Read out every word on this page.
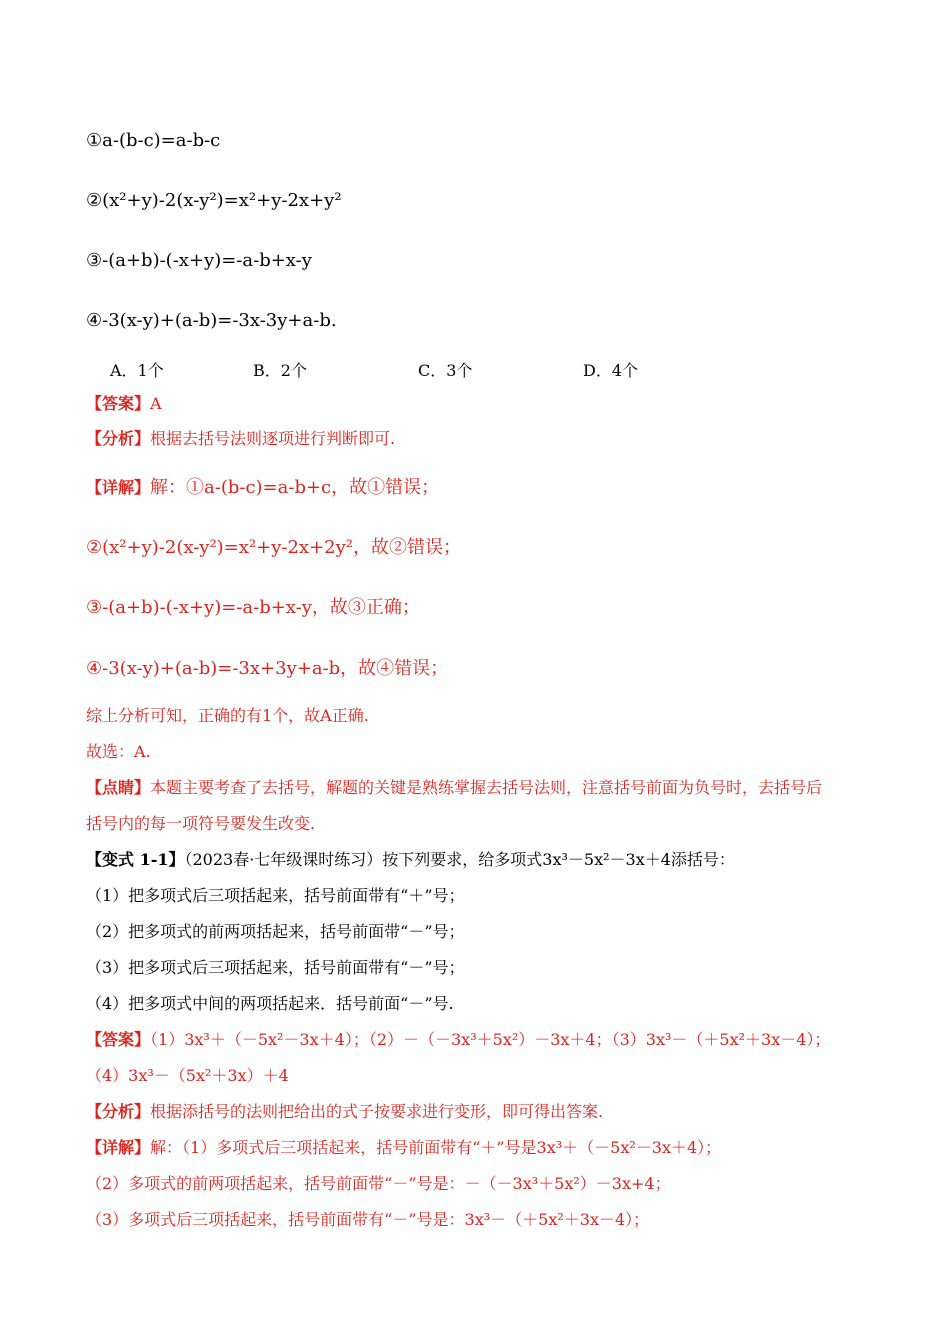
①a-(b-c)=a-b-c
②(x²+y)-2(x-y²)=x²+y-2x+y²
③-(a+b)-(-x+y)=-a-b+x-y
④-3(x-y)+(a-b)=-3x-3y+a-b.
A．1个	B．2个	C．3个	D．4个
【答案】A
【分析】根据去括号法则逐项进行判断即可.
【详解】解：①a-(b-c)=a-b+c，故①错误；
②(x²+y)-2(x-y²)=x²+y-2x+2y²，故②错误；
③-(a+b)-(-x+y)=-a-b+x-y，故③正确；
④-3(x-y)+(a-b)=-3x+3y+a-b，故④错误；
综上分析可知，正确的有1个，故A正确.
故选：A.
【点睛】本题主要考查了去括号，解题的关键是熟练掌握去括号法则，注意括号前面为负号时，去括号后
括号内的每一项符号要发生改变.
【变式 1-1】（2023春·七年级课时练习）按下列要求，给多项式3x³－5x²－3x＋4添括号：
（1）把多项式后三项括起来，括号前面带有“＋”号；
（2）把多项式的前两项括起来，括号前面带“－”号；
（3）把多项式后三项括起来，括号前面带有“－”号；
（4）把多项式中间的两项括起来．括号前面“－”号.
【答案】（1）3x³＋（－5x²－3x＋4）；（2）－（－3x³＋5x²）－3x＋4；（3）3x³－（＋5x²＋3x－4）；
（4）3x³－（5x²＋3x）＋4
【分析】根据添括号的法则把给出的式子按要求进行变形，即可得出答案.
【详解】解：（1）多项式后三项括起来，括号前面带有“＋”号是3x³＋（－5x²－3x＋4）；
（2）多项式的前两项括起来，括号前面带“－”号是：－（－3x³＋5x²）－3x+4；
（3）多项式后三项括起来，括号前面带有“－”号是：3x³－（＋5x²＋3x－4）；
